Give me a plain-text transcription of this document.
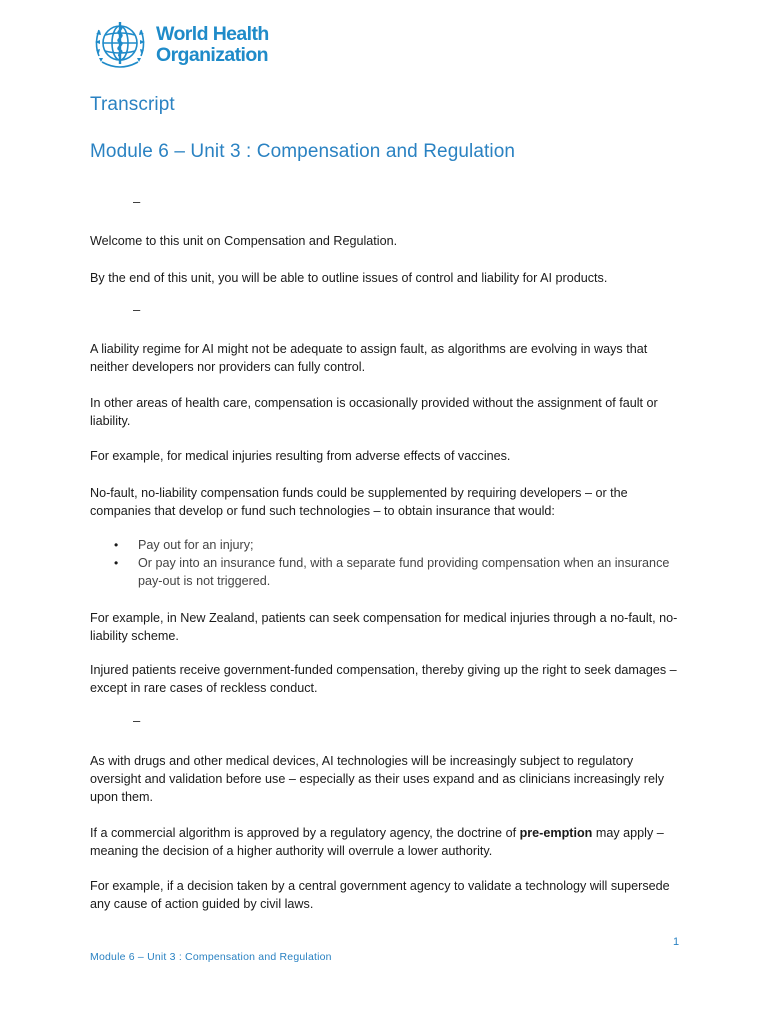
World Health
Organization
Transcript
Module 6 – Unit 3 : Compensation and Regulation
–
Welcome to this unit on Compensation and Regulation.
By the end of this unit, you will be able to outline issues of control and liability for AI products.
–
A liability regime for AI might not be adequate to assign fault, as algorithms are evolving in ways that neither developers nor providers can fully control.
In other areas of health care, compensation is occasionally provided without the assignment of fault or liability.
For example, for medical injuries resulting from adverse effects of vaccines.
No-fault, no-liability compensation funds could be supplemented by requiring developers – or the companies that develop or fund such technologies – to obtain insurance that would:
• Pay out for an injury;
• Or pay into an insurance fund, with a separate fund providing compensation when an insurance pay-out is not triggered.
For example, in New Zealand, patients can seek compensation for medical injuries through a no-fault, no-liability scheme.
Injured patients receive government-funded compensation, thereby giving up the right to seek damages – except in rare cases of reckless conduct.
–
As with drugs and other medical devices, AI technologies will be increasingly subject to regulatory oversight and validation before use – especially as their uses expand and as clinicians increasingly rely upon them.
If a commercial algorithm is approved by a regulatory agency, the doctrine of pre-emption may apply – meaning the decision of a higher authority will overrule a lower authority.
For example, if a decision taken by a central government agency to validate a technology will supersede any cause of action guided by civil laws.
1
Module 6 – Unit 3 : Compensation and Regulation
